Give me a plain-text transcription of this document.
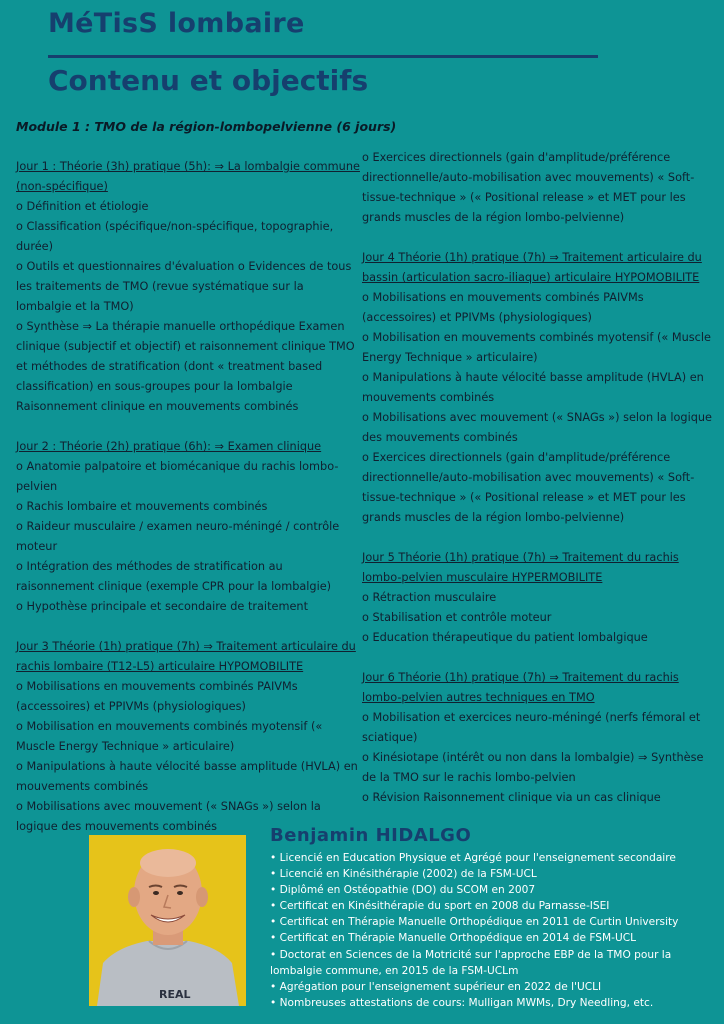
MéTisS lombaire
Contenu et objectifs
Module 1 : TMO de la région-lombopelvienne (6 jours)
Jour 1 : Théorie (3h) pratique (5h): ⇒ La lombalgie commune (non-spécifique)
o Définition et étiologie
o Classification (spécifique/non-spécifique, topographie, durée)
o Outils et questionnaires d'évaluation o Evidences de tous les traitements de TMO (revue systématique sur la lombalgie et la TMO)
o Synthèse ⇒ La thérapie manuelle orthopédique Examen clinique (subjectif et objectif) et raisonnement clinique TMO et méthodes de stratification (dont « treatment based classification) en sous-groupes pour la lombalgie Raisonnement clinique en mouvements combinés
Jour 2 : Théorie (2h) pratique (6h): ⇒ Examen clinique
o Anatomie palpatoire et biomécanique du rachis lombo-pelvien
o Rachis lombaire et mouvements combinés
o Raideur musculaire / examen neuro-méningé / contrôle moteur
o Intégration des méthodes de stratification au raisonnement clinique (exemple CPR pour la lombalgie)
o Hypothèse principale et secondaire de traitement
Jour 3 Théorie (1h) pratique (7h) ⇒ Traitement articulaire du rachis lombaire (T12-L5) articulaire HYPOMOBILITE
o Mobilisations en mouvements combinés PAIVMs (accessoires) et PPIVMs (physiologiques)
o Mobilisation en mouvements combinés myotensif (« Muscle Energy Technique » articulaire)
o Manipulations à haute vélocité basse amplitude (HVLA) en mouvements combinés
o Mobilisations avec mouvement (« SNAGs ») selon la logique des mouvements combinés
o Exercices directionnels (gain d'amplitude/préférence directionnelle/auto-mobilisation avec mouvements) « Soft-tissue-technique » (« Positional release » et MET pour les grands muscles de la région lombo-pelvienne)
Jour 4 Théorie (1h) pratique (7h) ⇒ Traitement articulaire du bassin (articulation sacro-iliaque) articulaire HYPOMOBILITE
o Mobilisations en mouvements combinés PAIVMs (accessoires) et PPIVMs (physiologiques)
o Mobilisation en mouvements combinés myotensif (« Muscle Energy Technique » articulaire)
o Manipulations à haute vélocité basse amplitude (HVLA) en mouvements combinés
o Mobilisations avec mouvement (« SNAGs ») selon la logique des mouvements combinés
o Exercices directionnels (gain d'amplitude/préférence directionnelle/auto-mobilisation avec mouvements) « Soft-tissue-technique » (« Positional release » et MET pour les grands muscles de la région lombo-pelvienne)
Jour 5 Théorie (1h) pratique (7h) ⇒ Traitement du rachis lombo-pelvien musculaire HYPERMOBILITE
o Rétraction musculaire
o Stabilisation et contrôle moteur
o Education thérapeutique du patient lombalgique
Jour 6 Théorie (1h) pratique (7h) ⇒ Traitement du rachis lombo-pelvien autres techniques en TMO
o Mobilisation et exercices neuro-méningé (nerfs fémoral et sciatique)
o Kinésiotape (intérêt ou non dans la lombalgie) ⇒ Synthèse de la TMO sur le rachis lombo-pelvien
o Révision Raisonnement clinique via un cas clinique
REAL
Benjamin HIDALGO
• Licencié en Education Physique et Agrégé pour l'enseignement secondaire
• Licencié en Kinésithérapie (2002) de la FSM-UCL
• Diplômé en Ostéopathie (DO) du SCOM en 2007
• Certificat en Kinésithérapie du sport en 2008 du Parnasse-ISEI
• Certificat en Thérapie Manuelle Orthopédique en 2011 de Curtin University
• Certificat en Thérapie Manuelle Orthopédique en 2014 de FSM-UCL
• Doctorat en Sciences de la Motricité sur l'approche EBP de la TMO pour la lombalgie commune, en 2015 de la FSM-UCLm
• Agrégation pour l'enseignement supérieur en 2022 de l'UCLI
• Nombreuses attestations de cours: Mulligan MWMs, Dry Needling, etc.
